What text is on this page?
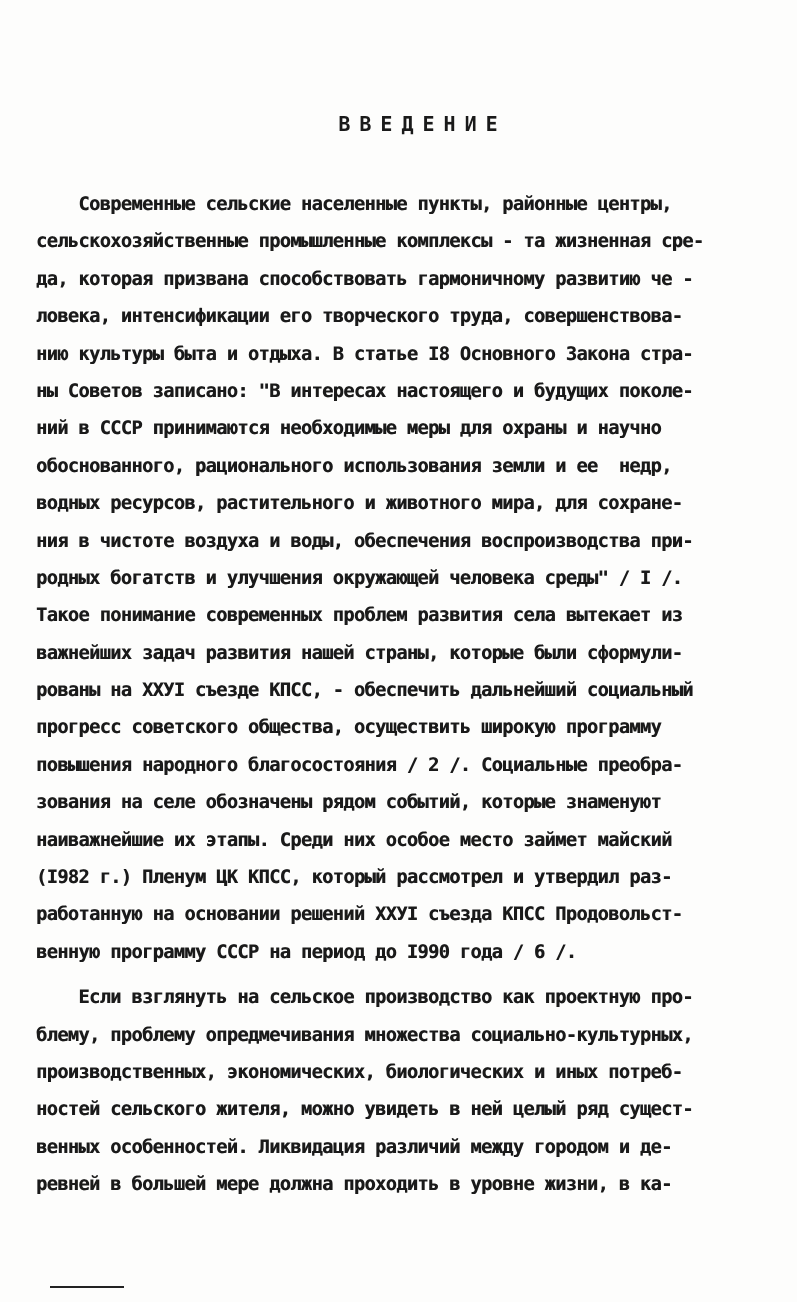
ВВЕДЕНИЕ
Современные сельские населенные пункты, районные центры,
сельскохозяйственные промышленные комплексы - та жизненная сре-
да, которая призвана способствовать гармоничному развитию че -
ловека, интенсификации его творческого труда, совершенствова-
нию культуры быта и отдыха. В статье I8 Основного Закона стра-
ны Советов записано: "В интересах настоящего и будущих поколе-
ний в СССР принимаются необходимые меры для охраны и научно
обоснованного, рационального использования земли и ее  недр,
водных ресурсов, растительного и животного мира, для сохране-
ния в чистоте воздуха и воды, обеспечения воспроизводства при-
родных богатств и улучшения окружающей человека среды" / I /.
Такое понимание современных проблем развития села вытекает из
важнейших задач развития нашей страны, которые были сформули-
рованы на ХХУI съезде КПСС, - обеспечить дальнейший социальный
прогресс советского общества, осуществить широкую программу
повышения народного благосостояния / 2 /. Социальные преобра-
зования на селе обозначены рядом событий, которые знаменуют
наиважнейшие их этапы. Среди них особое место займет майский
(I982 г.) Пленум ЦК КПСС, который рассмотрел и утвердил раз-
работанную на основании решений ХХУI съезда КПСС Продовольст-
венную программу СССР на период до I990 года / 6 /.
Если взглянуть на сельское производство как проектную про-
блему, проблему опредмечивания множества социально-культурных,
производственных, экономических, биологических и иных потреб-
ностей сельского жителя, можно увидеть в ней целый ряд сущест-
венных особенностей. Ликвидация различий между городом и де-
ревней в большей мере должна проходить в уровне жизни, в ка-
